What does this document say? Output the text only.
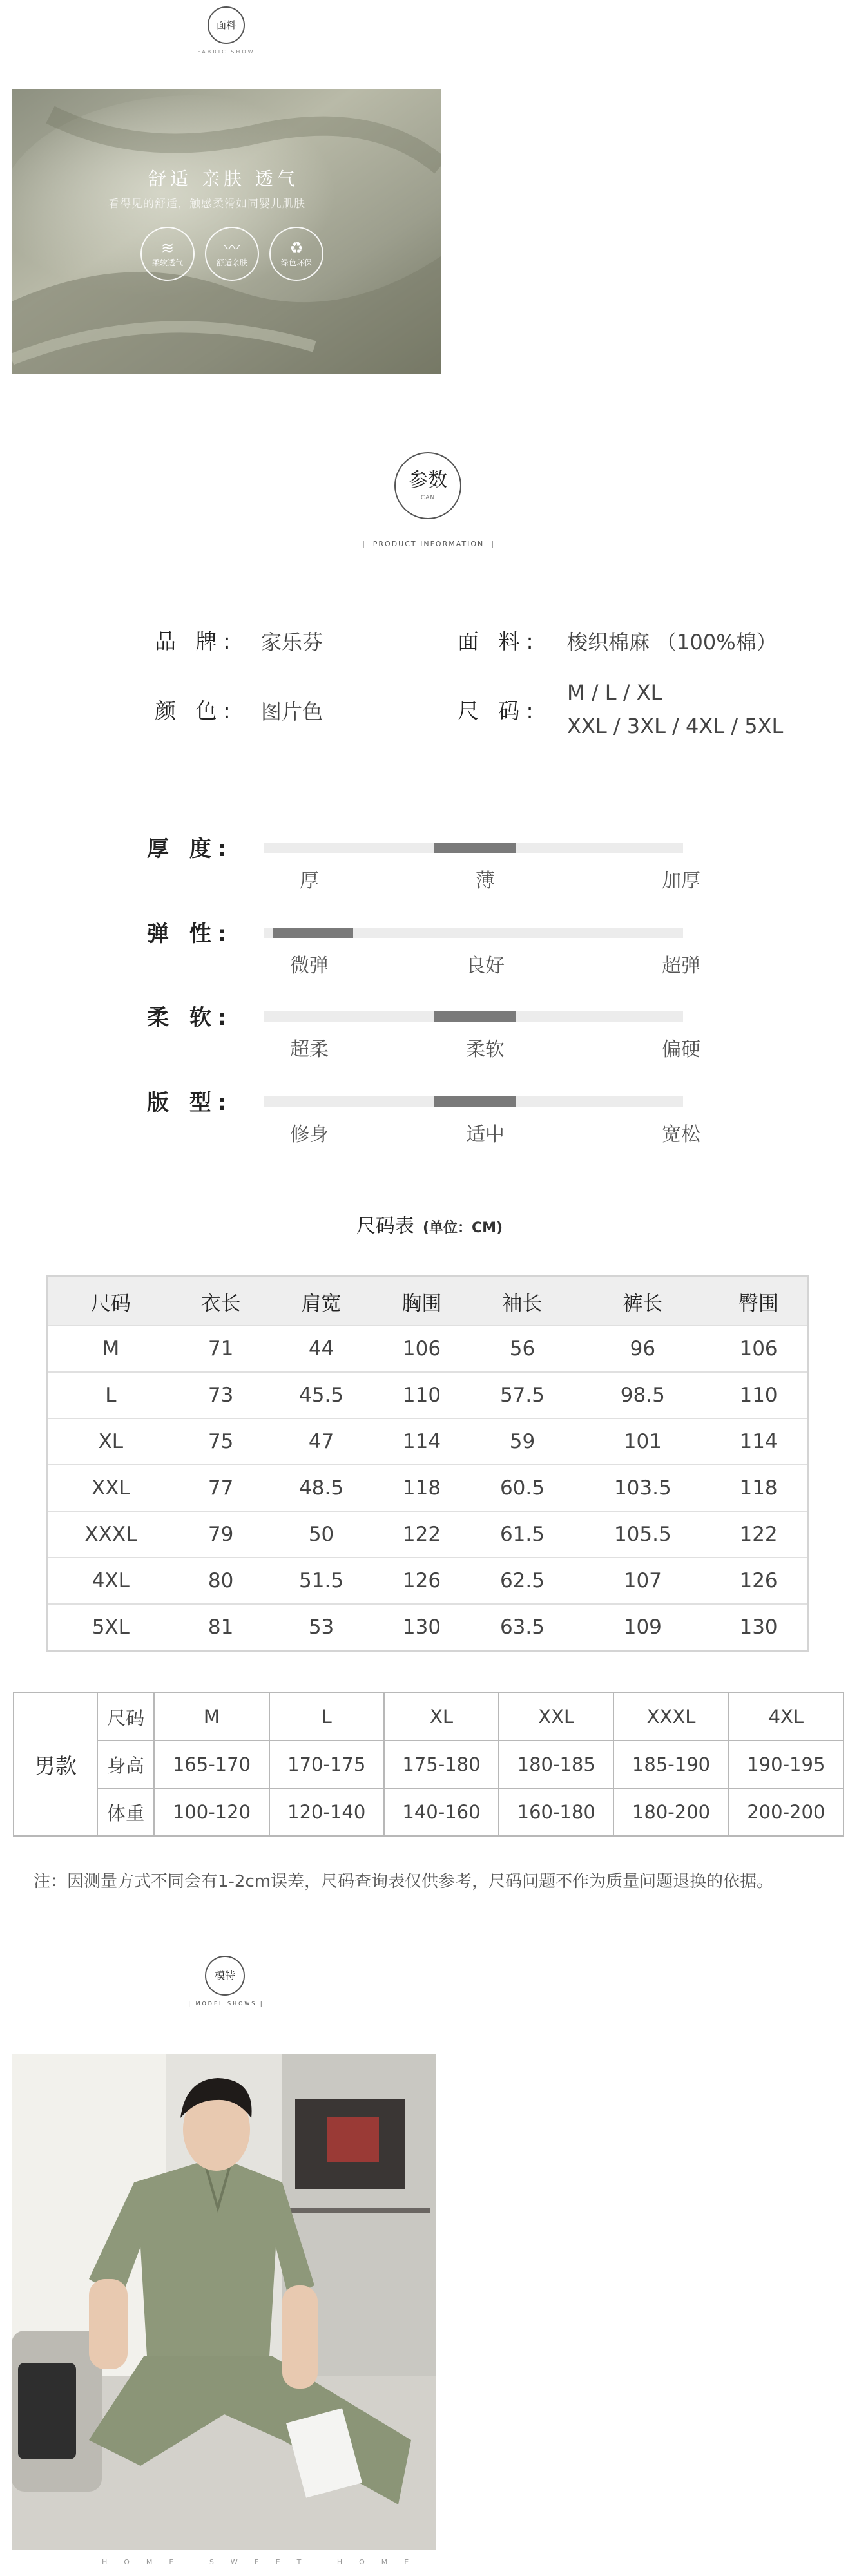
面料
FABRIC SHOW
舒适 亲肤 透气
看得见的舒适，触感柔滑如同婴儿肌肤
≋
柔软透气
〰
舒适亲肤
♻
绿色环保
参数
CAN
|  PRODUCT INFORMATION  |
品 牌: 家乐芬	面 料: 梭织棉麻 （100%棉）
颜 色: 图片色	尺 码:
M / L / XL
XXL / 3XL / 4XL / 5XL
厚 度:
厚	薄	加厚
弹 性:
微弹	良好	超弹
柔 软:
超柔	柔软	偏硬
版 型:
修身	适中	宽松
尺码表 (单位：CM)
尺码	衣长	肩宽	胸围	袖长	裤长	臀围
M	71	44	106	56	96	106
L	73	45.5	110	57.5	98.5	110
XL	75	47	114	59	101	114
XXL	77	48.5	118	60.5	103.5	118
XXXL	79	50	122	61.5	105.5	122
4XL	80	51.5	126	62.5	107	126
5XL	81	53	130	63.5	109	130
男款	尺码	M	L	XL	XXL	XXXL	4XL
	身高	165-170	170-175	175-180	180-185	185-190	190-195
	体重	100-120	120-140	140-160	160-180	180-200	200-200
注：因测量方式不同会有1-2cm误差，尺码查询表仅供参考，尺码问题不作为质量问题退换的依据。
模特
| MODEL SHOWS |
HOME SWEET HOME
